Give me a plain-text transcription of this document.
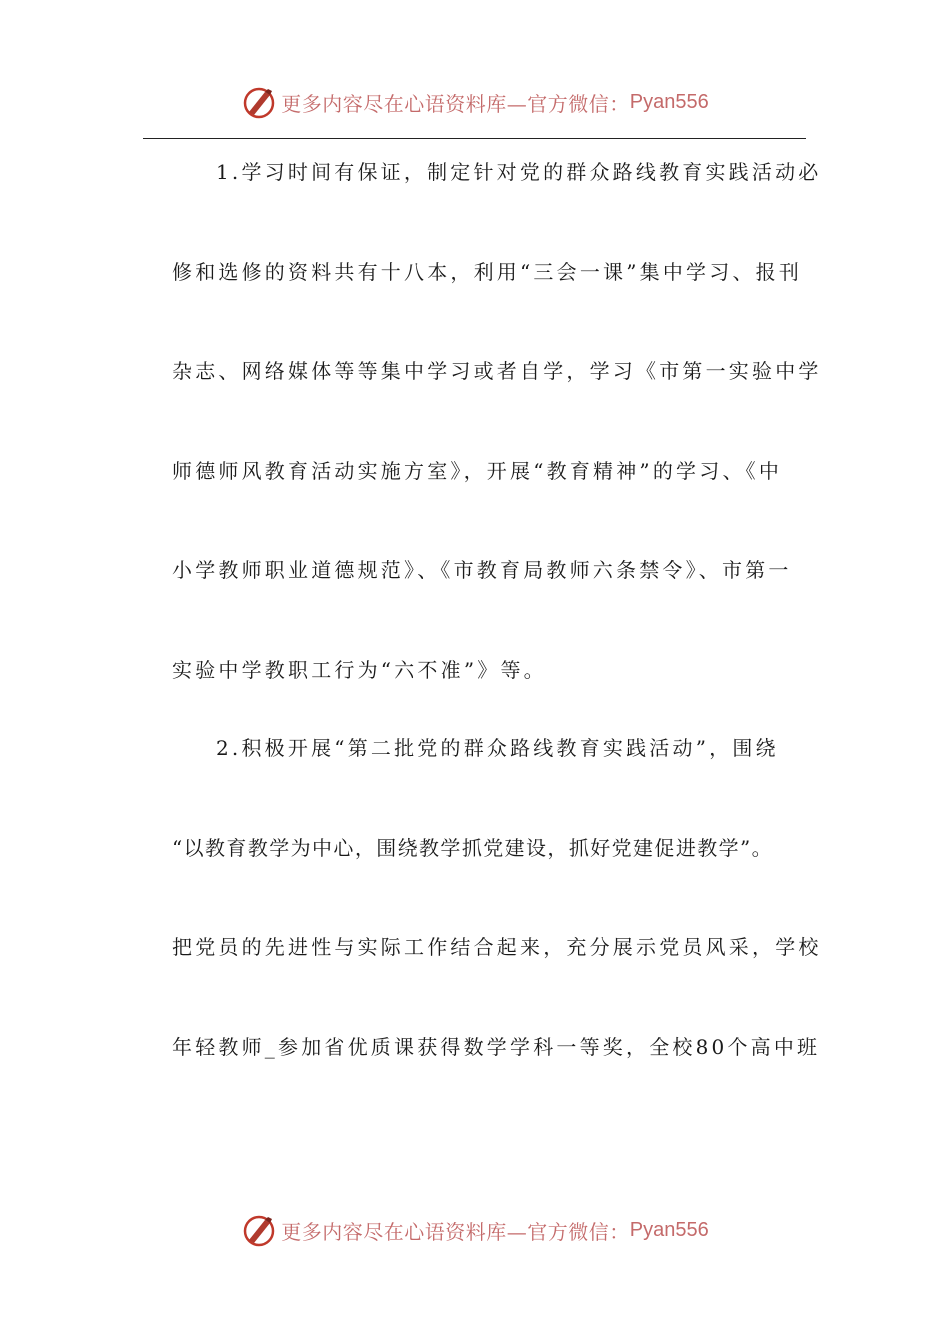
更多内容尽在心语资料库—官方微信： Pyan556
1.学习时间有保证，制定针对党的群众路线教育实践活动必
修和选修的资料共有十八本，利用“三会一课”集中学习、报刊
杂志、网络媒体等等集中学习或者自学，学习《市第一实验中学
师德师风教育活动实施方室》，开展“教育精神”的学习、《中
小学教师职业道德规范》、《市教育局教师六条禁令》、市第一
实验中学教职工行为“六不准”》等。
2.积极开展“第二批党的群众路线教育实践活动”，围绕
“以教育教学为中心，围绕教学抓党建设，抓好党建促进教学”。
把党员的先进性与实际工作结合起来，充分展示党员风采，学校
年轻教师_参加省优质课获得数学学科一等奖，全校80个高中班
更多内容尽在心语资料库—官方微信： Pyan556
